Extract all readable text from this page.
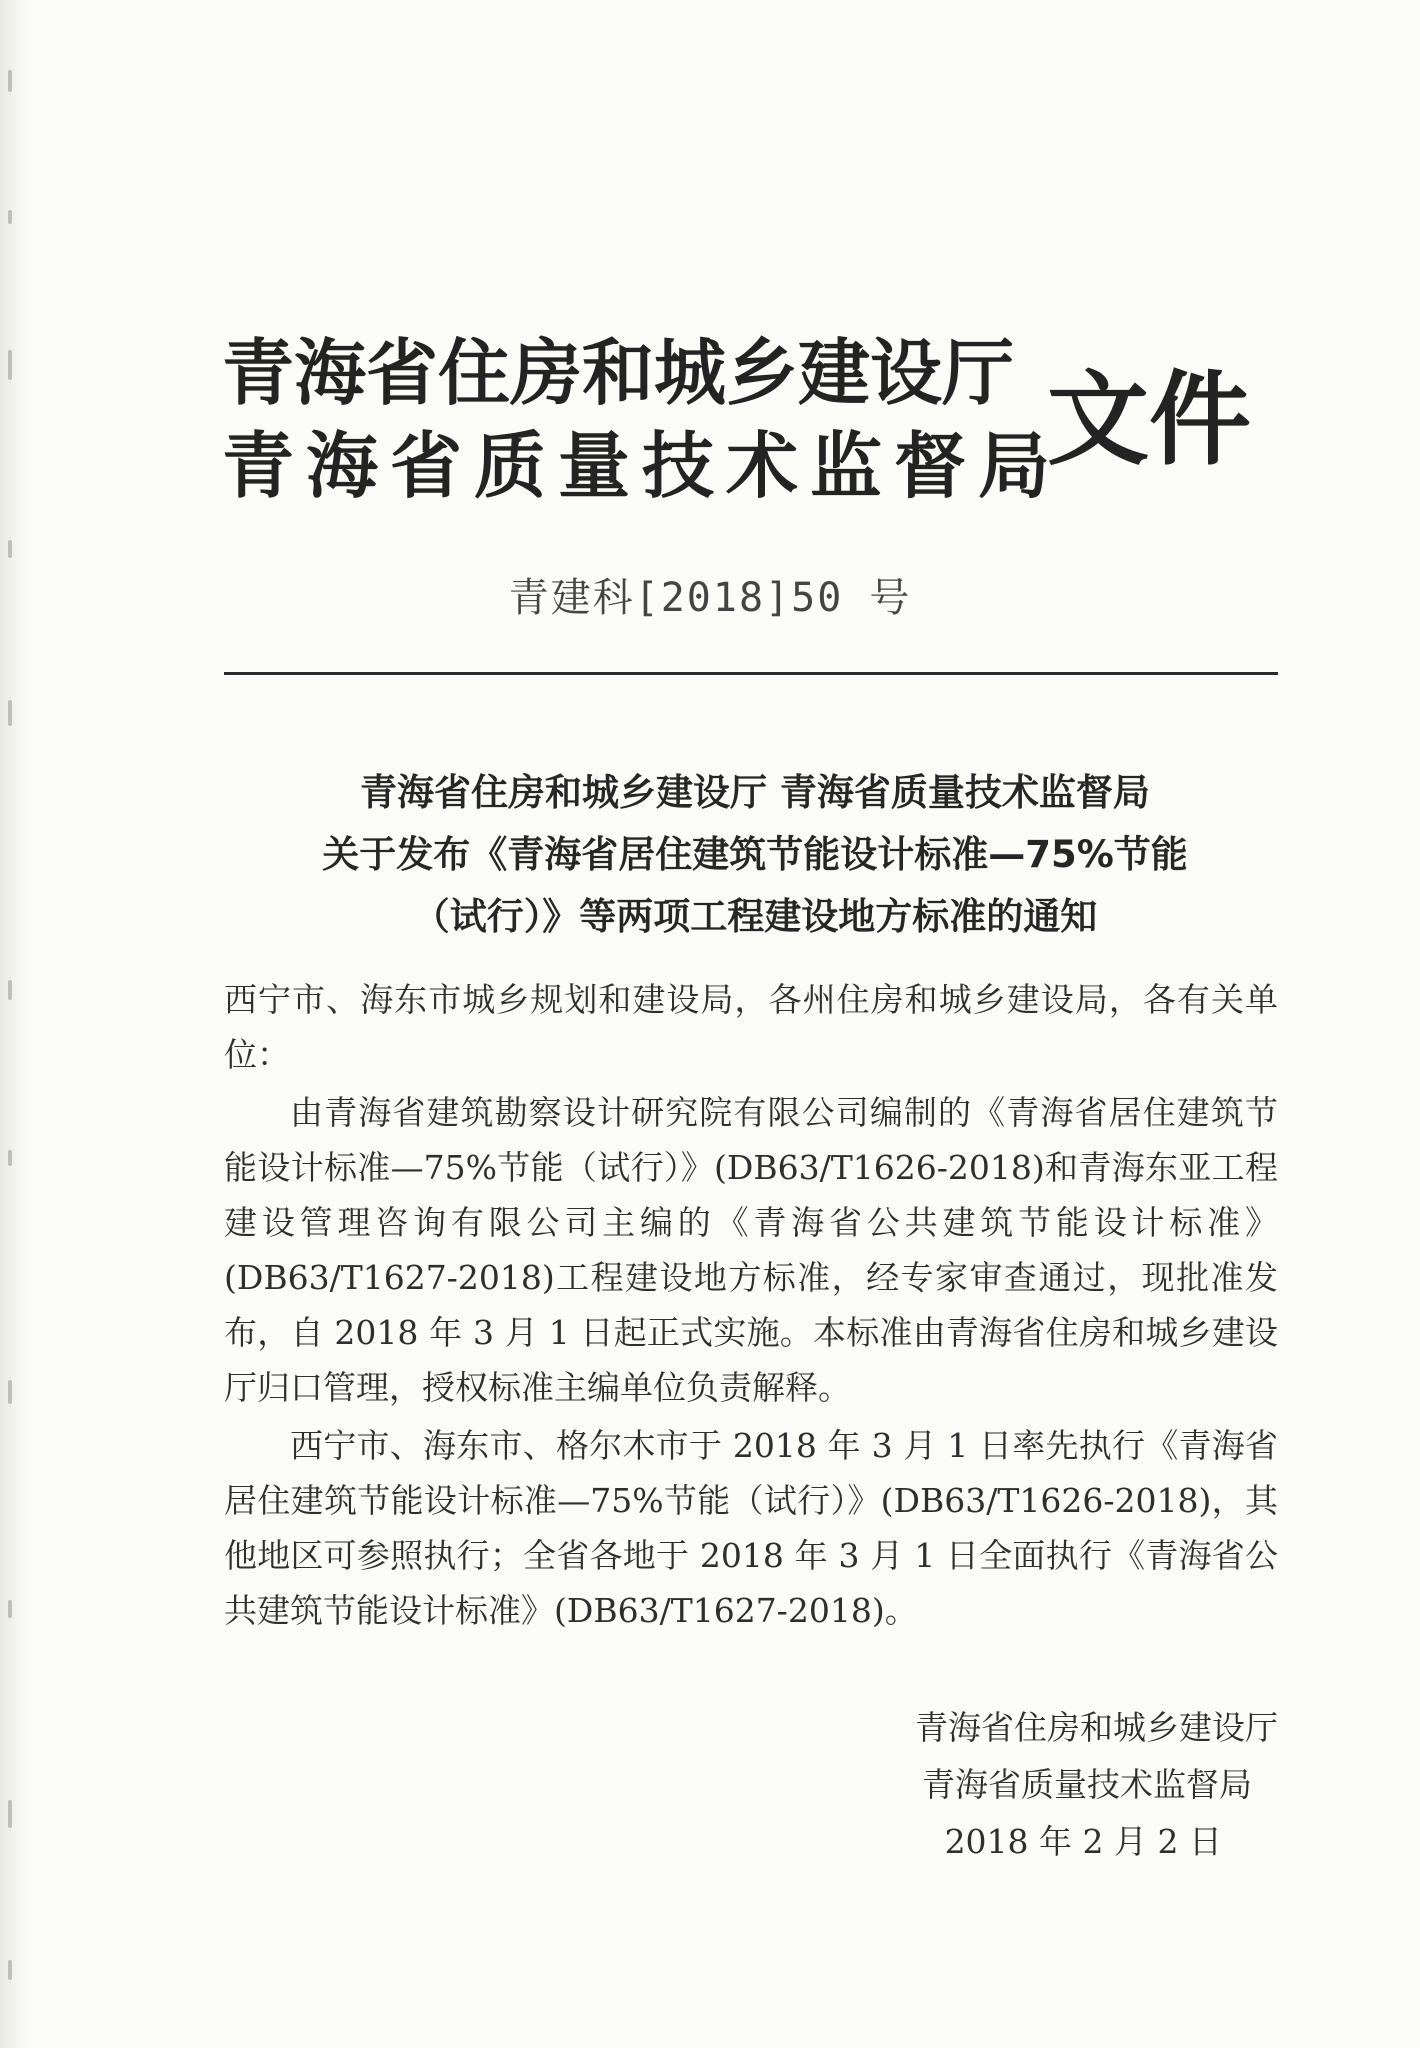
青海省住房和城乡建设厅
青海省质量技术监督局
文件
青建科[2018]50 号
青海省住房和城乡建设厅 青海省质量技术监督局
关于发布《青海省居住建筑节能设计标准—75%节能
（试行）》等两项工程建设地方标准的通知
西宁市、海东市城乡规划和建设局，各州住房和城乡建设局，各有关单位：
由青海省建筑勘察设计研究院有限公司编制的《青海省居住建筑节能设计标准—75%节能（试行）》(DB63/T1626-2018)和青海东亚工程建设管理咨询有限公司主编的《青海省公共建筑节能设计标准》(DB63/T1627-2018)工程建设地方标准，经专家审查通过，现批准发布，自 2018 年 3 月 1 日起正式实施。本标准由青海省住房和城乡建设厅归口管理，授权标准主编单位负责解释。
西宁市、海东市、格尔木市于 2018 年 3 月 1 日率先执行《青海省居住建筑节能设计标准—75%节能（试行）》(DB63/T1626-2018)，其他地区可参照执行；全省各地于 2018 年 3 月 1 日全面执行《青海省公共建筑节能设计标准》(DB63/T1627-2018)。
青海省住房和城乡建设厅
青海省质量技术监督局
2018 年 2 月 2 日
